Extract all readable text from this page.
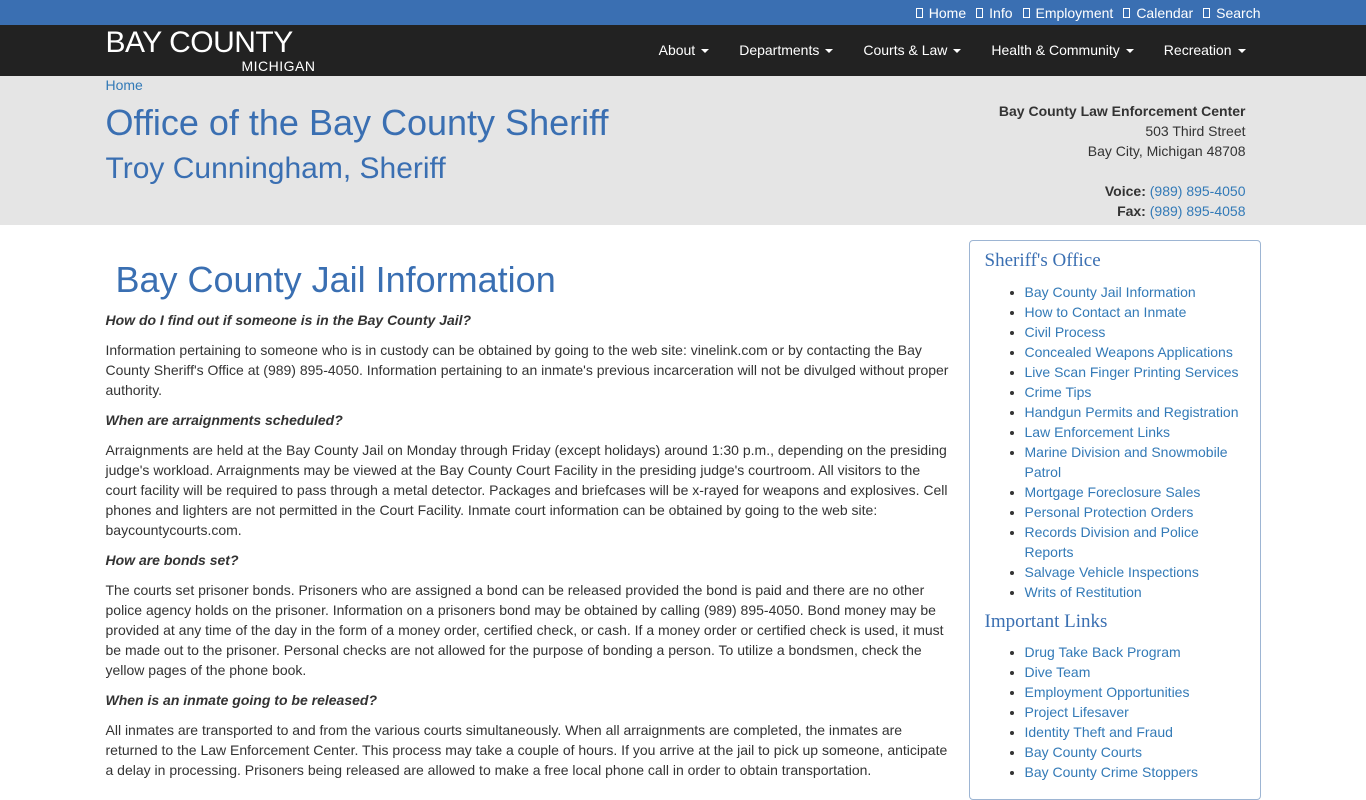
Home Info Employment Calendar Search
BAY COUNTY
MICHIGAN
About	Departments	Courts & Law	Health & Community	Recreation
Home
Office of the Bay County Sheriff
Troy Cunningham, Sheriff
Bay County Law Enforcement Center
503 Third Street
Bay City, Michigan 48708
Voice: (989) 895-4050
Fax: (989) 895-4058
Bay County Jail Information

How do I find out if someone is in the Bay County Jail?

Information pertaining to someone who is in custody can be obtained by going to the web site: vinelink.com or by contacting the Bay County Sheriff's Office at (989) 895-4050. Information pertaining to an inmate's previous incarceration will not be divulged without proper authority.

When are arraignments scheduled?

Arraignments are held at the Bay County Jail on Monday through Friday (except holidays) around 1:30 p.m., depending on the presiding judge's workload. Arraignments may be viewed at the Bay County Court Facility in the presiding judge's courtroom. All visitors to the court facility will be required to pass through a metal detector. Packages and briefcases will be x-rayed for weapons and explosives. Cell phones and lighters are not permitted in the Court Facility. Inmate court information can be obtained by going to the web site: baycountycourts.com.

How are bonds set?

The courts set prisoner bonds. Prisoners who are assigned a bond can be released provided the bond is paid and there are no other police agency holds on the prisoner. Information on a prisoners bond may be obtained by calling (989) 895-4050. Bond money may be provided at any time of the day in the form of a money order, certified check, or cash. If a money order or certified check is used, it must be made out to the prisoner. Personal checks are not allowed for the purpose of bonding a person. To utilize a bondsmen, check the yellow pages of the phone book.

When is an inmate going to be released?

All inmates are transported to and from the various courts simultaneously. When all arraignments are completed, the inmates are returned to the Law Enforcement Center. This process may take a couple of hours. If you arrive at the jail to pick up someone, anticipate a delay in processing. Prisoners being released are allowed to make a free local phone call in order to obtain transportation.

Sheriff's Office
• Bay County Jail Information
• How to Contact an Inmate
• Civil Process
• Concealed Weapons Applications
• Live Scan Finger Printing Services
• Crime Tips
• Handgun Permits and Registration
• Law Enforcement Links
• Marine Division and Snowmobile Patrol
• Mortgage Foreclosure Sales
• Personal Protection Orders
• Records Division and Police Reports
• Salvage Vehicle Inspections
• Writs of Restitution
Important Links
• Drug Take Back Program
• Dive Team
• Employment Opportunities
• Project Lifesaver
• Identity Theft and Fraud
• Bay County Courts
• Bay County Crime Stoppers
